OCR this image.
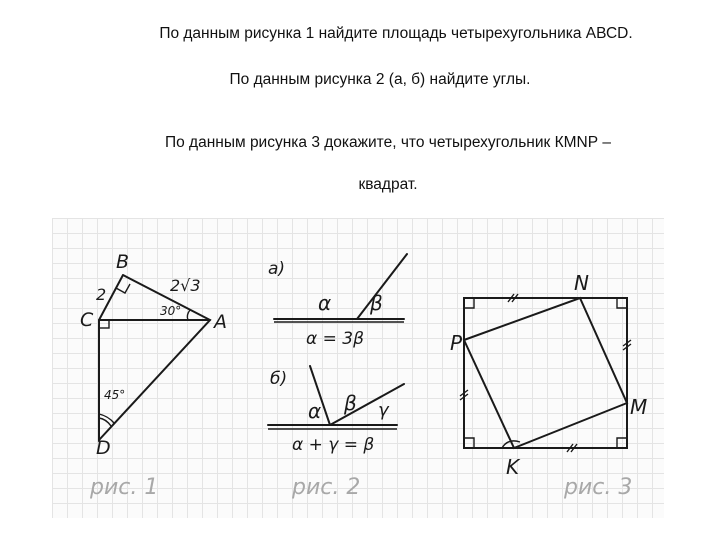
По данным рисунка 1 найдите площадь четырехугольника АВСD.
По данным рисунка 2 (а, б) найдите углы.
По данным рисунка 3 докажите, что четырехугольник КМNР –
квадрат.
B
C	A
D
2	2√3
30°
45°
рис. 1
а)
α β
α = 3β
б)
α β γ
α + γ = β
рис. 2
N
P
M
K
рис. 3
